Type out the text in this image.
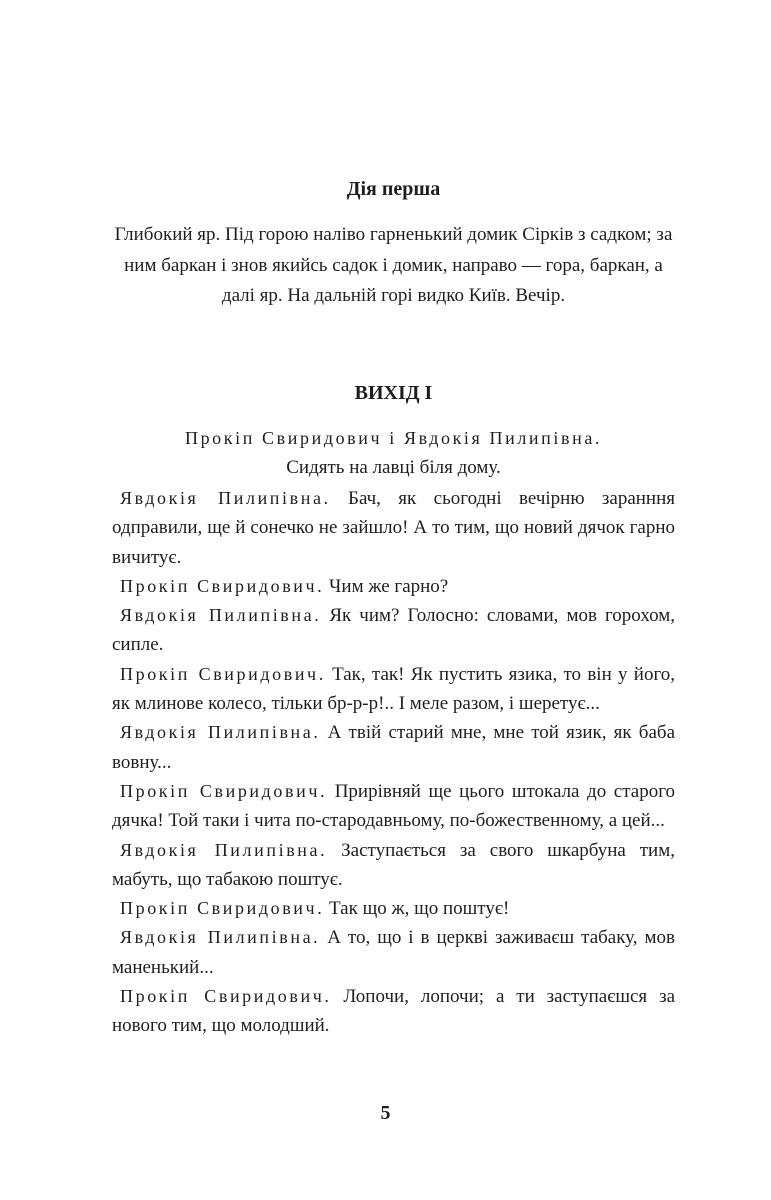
Дія перша
Глибокий яр. Під горою наліво гарненький домик Сірків з садком; за ним баркан і знов якийсь садок і домик, направо — гора, баркан, а далі яр. На дальній горі видко Київ. Вечір.
ВИХІД I
Прокіп Свиридович і Явдокія Пилипівна.
Сидять на лавці біля дому.

Явдокія Пилипівна. Бач, як сьогодні вечірню заранння одправили, ще й сонечко не зайшло! А то тим, що новий дячок гарно вичитує.

Прокіп Свиридович. Чим же гарно?

Явдокія Пилипівна. Як чим? Голосно: словами, мов горохом, сипле.

Прокіп Свиридович. Так, так! Як пустить язика, то він у його, як млинове колесо, тільки бр-р-р!.. І меле разом, і шеретує...

Явдокія Пилипівна. А твій старий мне, мне той язик, як баба вовну...

Прокіп Свиридович. Прирівняй ще цього штокала до старого дячка! Той таки і чита по-стародавньому, по-божественному, а цей...

Явдокія Пилипівна. Заступається за свого шкарбуна тим, мабуть, що табакою поштує.

Прокіп Свиридович. Так що ж, що поштує!

Явдокія Пилипівна. А то, що і в церкві заживаєш табаку, мов маненький...

Прокіп Свиридович. Лопочи, лопочи; а ти заступаєшся за нового тим, що молодший.

5
